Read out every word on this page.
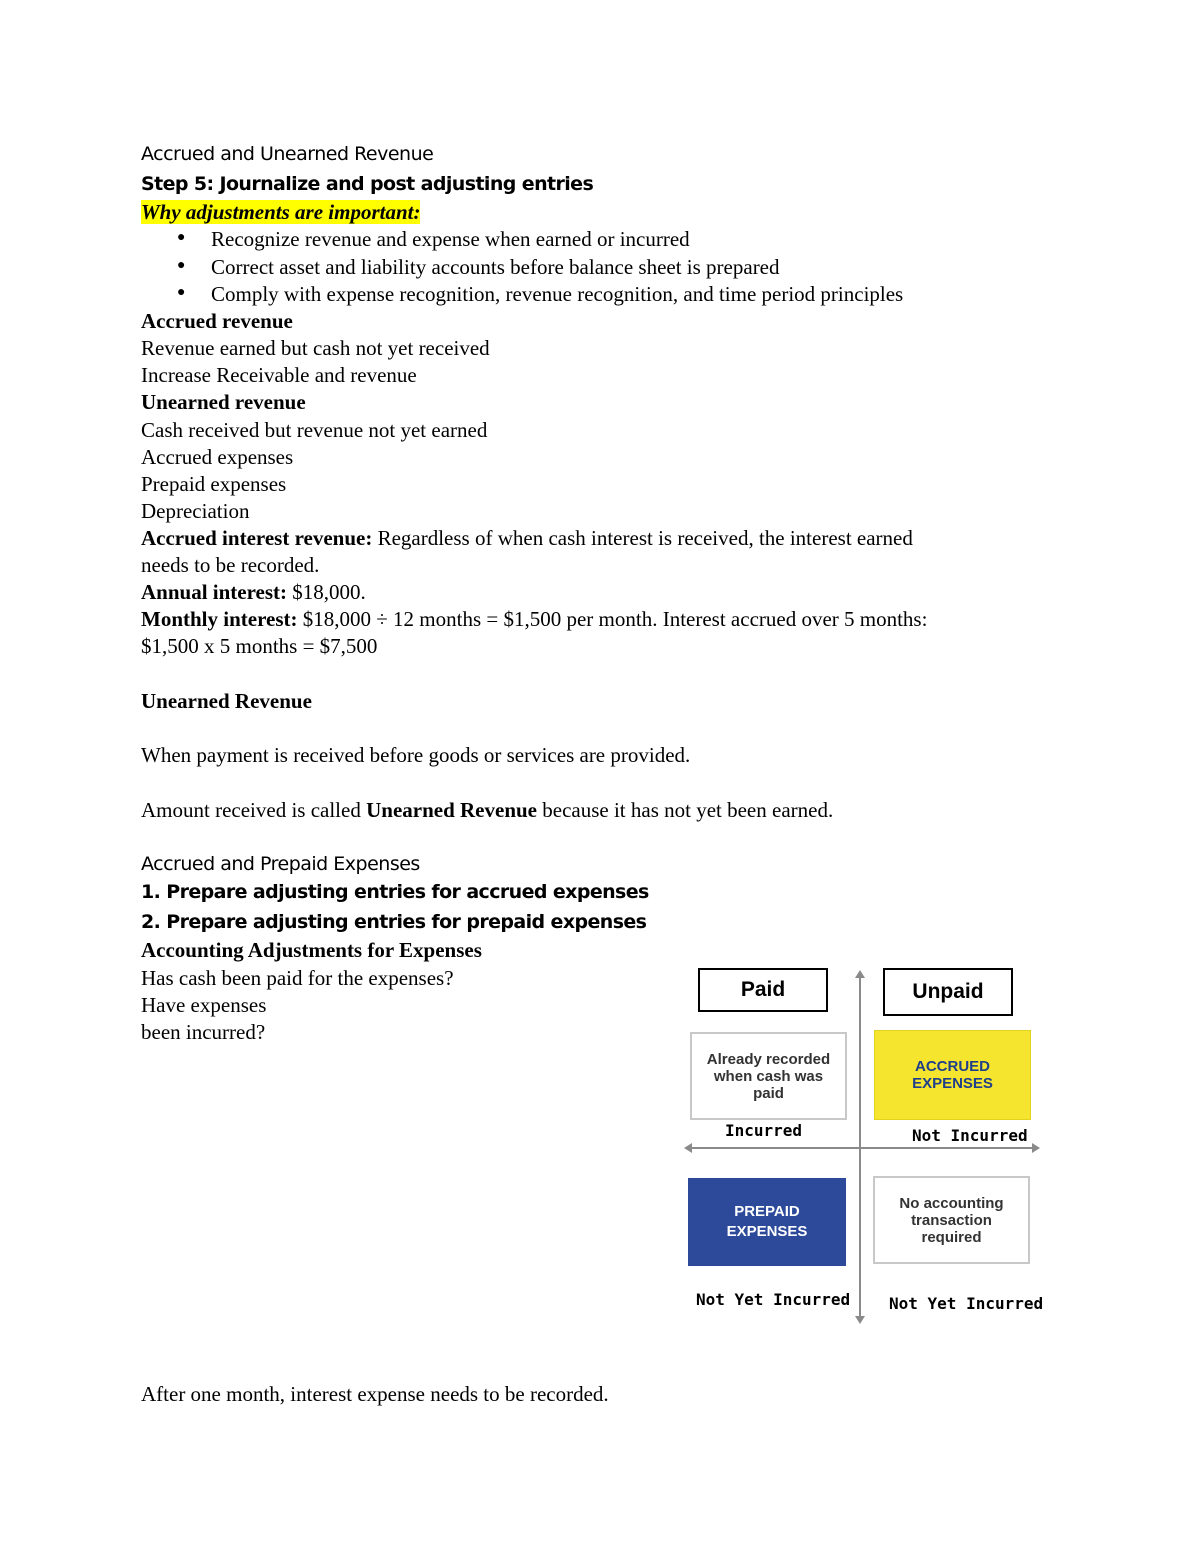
Accrued and Unearned Revenue
Step 5: Journalize and post adjusting entries
Why adjustments are important:
● Recognize revenue and expense when earned or incurred
● Correct asset and liability accounts before balance sheet is prepared
● Comply with expense recognition, revenue recognition, and time period principles
Accrued revenue
Revenue earned but cash not yet received
Increase Receivable and revenue
Unearned revenue
Cash received but revenue not yet earned
Accrued expenses
Prepaid expenses
Depreciation
Accrued interest revenue: Regardless of when cash interest is received, the interest earned
needs to be recorded.
Annual interest: $18,000.
Monthly interest: $18,000 ÷ 12 months = $1,500 per month. Interest accrued over 5 months:
$1,500 x 5 months = $7,500
Unearned Revenue
When payment is received before goods or services are provided.
Amount received is called Unearned Revenue because it has not yet been earned.
Accrued and Prepaid Expenses
1. Prepare adjusting entries for accrued expenses
2. Prepare adjusting entries for prepaid expenses
Accounting Adjustments for Expenses
Has cash been paid for the expenses?
Have expenses
been incurred?
After one month, interest expense needs to be recorded.
Paid	Unpaid
Already recorded when cash was paid
ACCRUED EXPENSES
PREPAID EXPENSES
No accounting transaction required
Incurred	Not Incurred
Not Yet Incurred Not Yet Incurred
